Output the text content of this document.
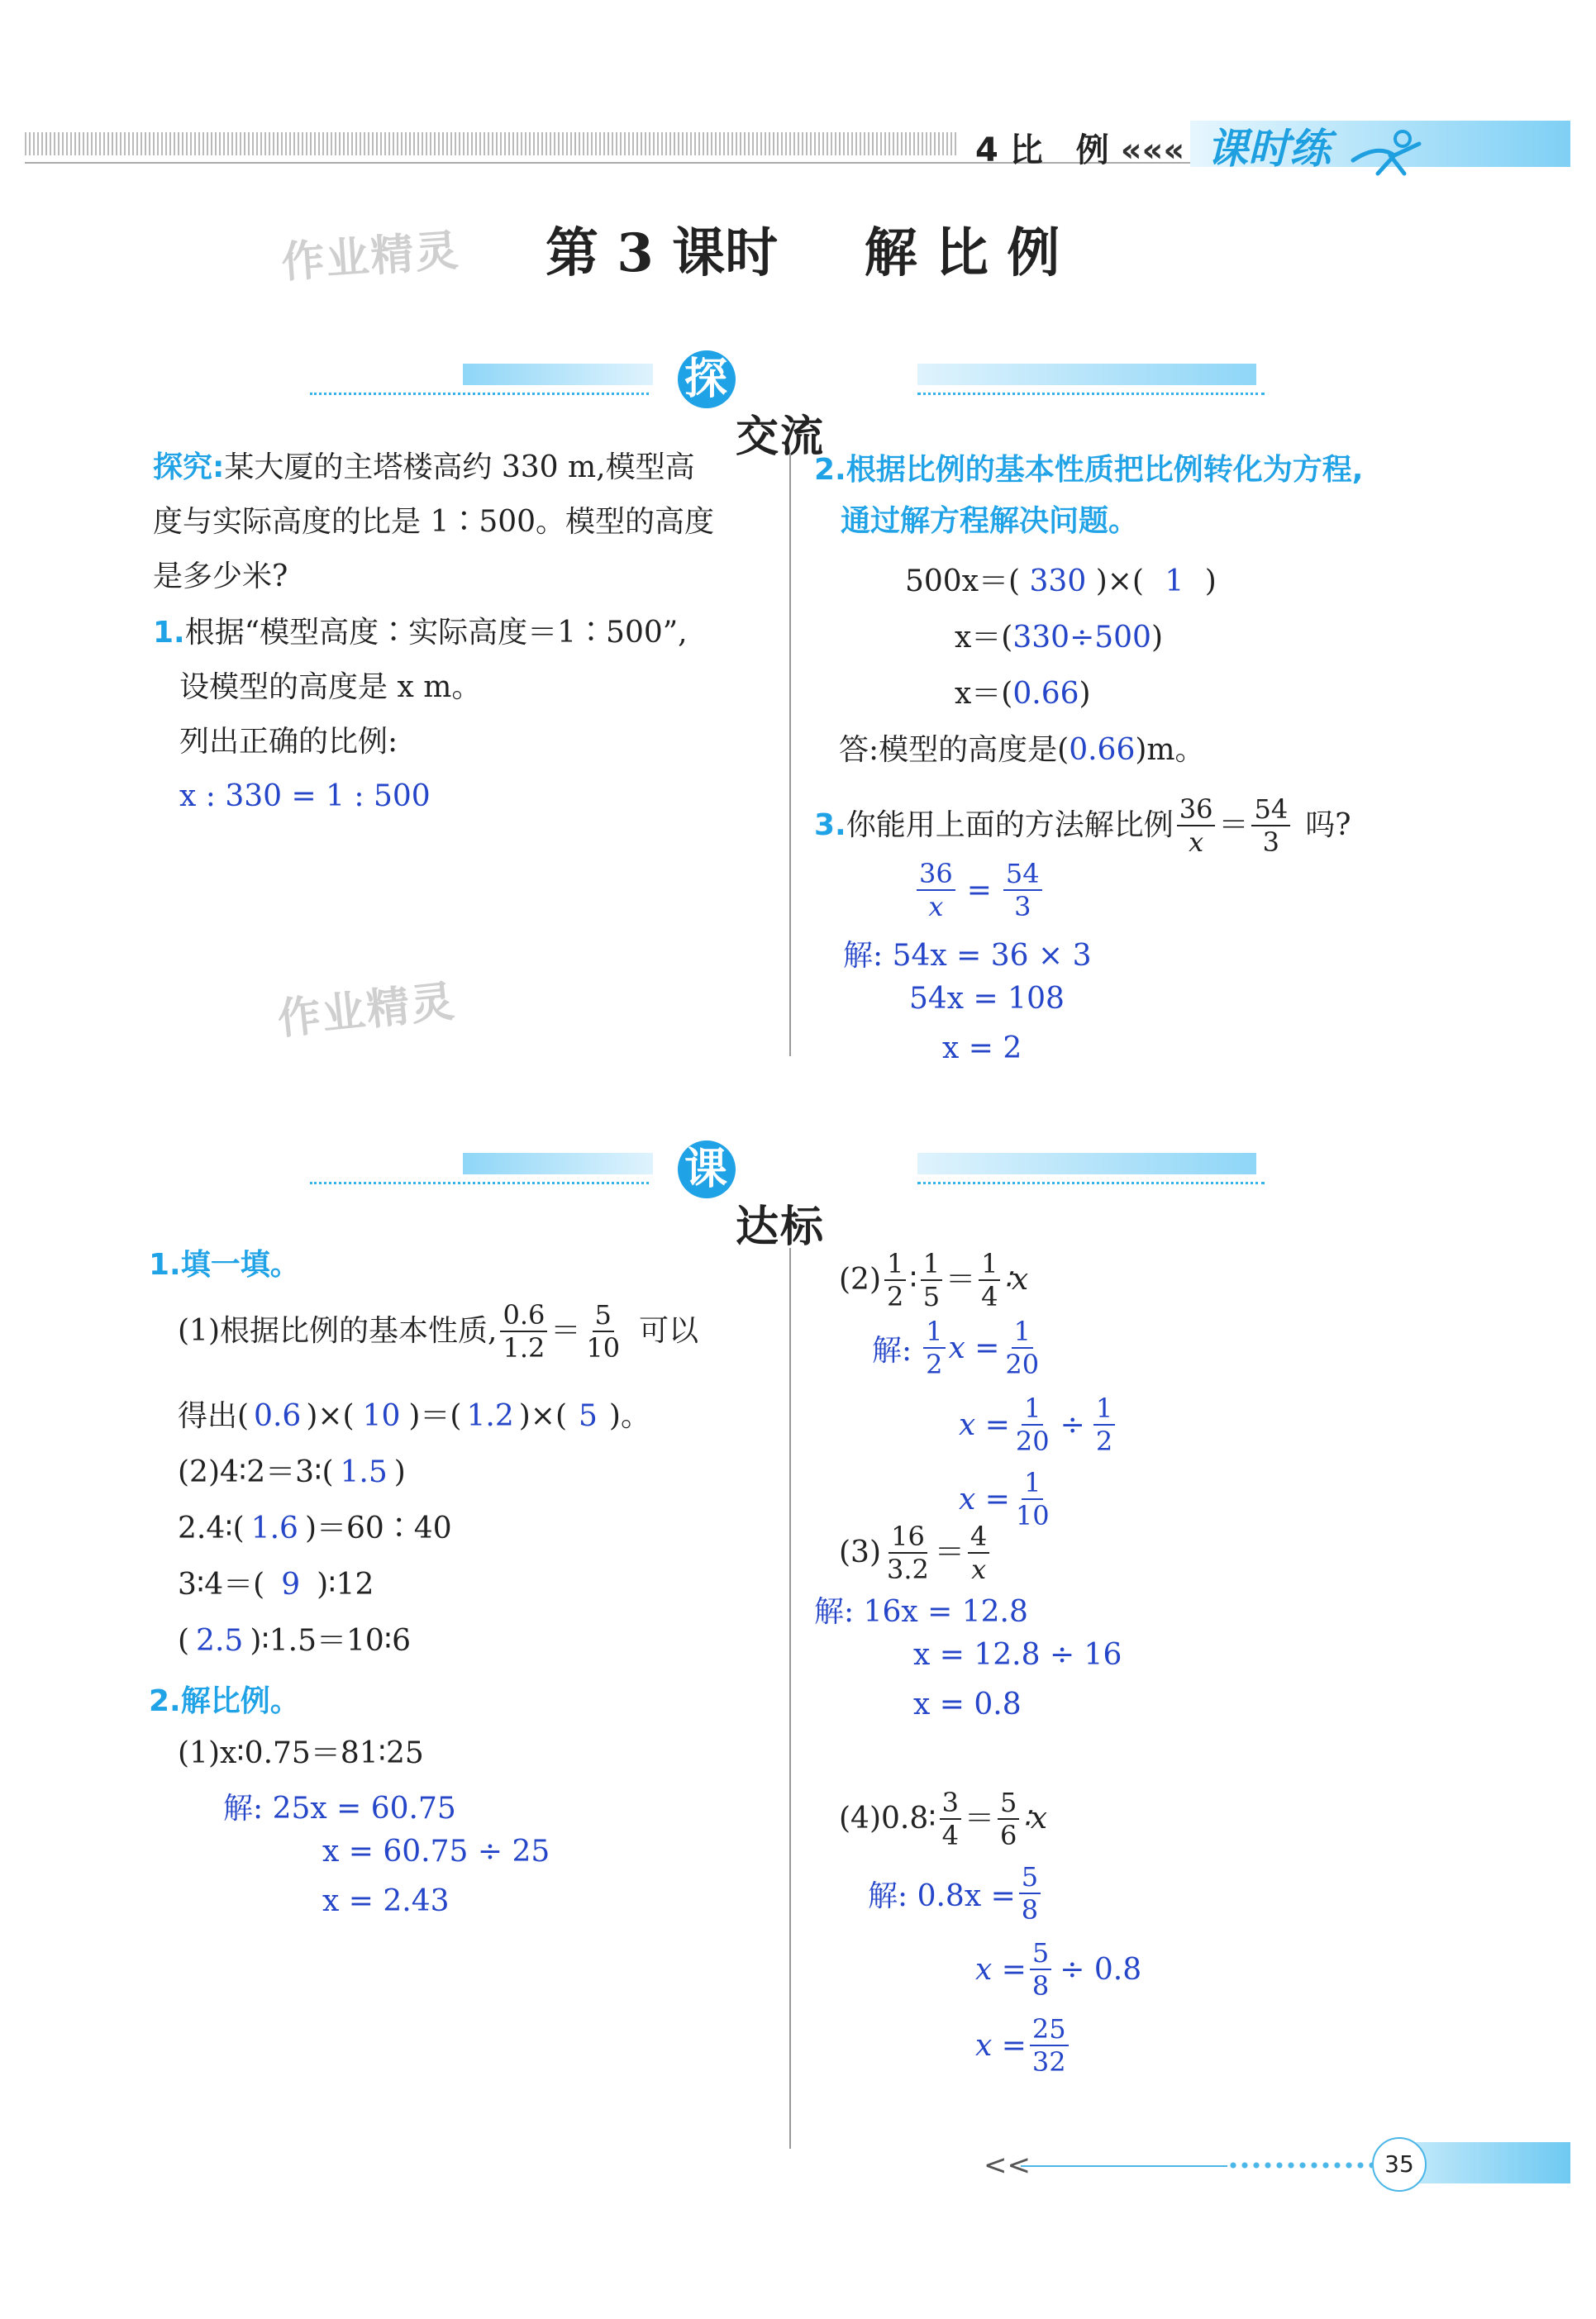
4 比　例 ««« 课时练
作业精灵 第 3 课时 解 比 例
探究 交流
探究:某大厦的主塔楼高约 330 m,模型高
度与实际高度的比是 1∶500。模型的高度
是多少米?
1.根据“模型高度∶实际高度＝1∶500”,
设模型的高度是 x m。
列出正确的比例:
x : 330 = 1 : 500
作业精灵
2.根据比例的基本性质把比例转化为方程,
通过解方程解决问题。
500x＝( 330 )×( 1 )
x＝(330÷500)
x＝(0.66)
答:模型的高度是(0.66)m。
3. 你能用上面的方法解比例 $\frac{36}{x} = \frac{54}{3}$ 吗?
$\frac{36}{x} = \frac{54}{3}$
解: 54x = 36 × 3
54x = 108
x = 2
课堂 达标
1.填一填。
(1)根据比例的基本性质, $\frac{0.6}{1.2} = \frac{5}{10}$ 可以
得出( 0.6 )×( 10 )＝( 1.2 )×( 5 )。
(2)4∶2＝3∶( 1.5 )
2.4∶( 1.6 )＝60∶40
3∶4＝( 9 )∶12
( 2.5 )∶1.5＝10∶6
2.解比例。
(1)x∶0.75＝81∶25
解: 25x = 60.75
x = 60.75 ÷ 25
x = 2.43
$(2) \frac{1}{2}$ ∶ $\frac{1}{5} = \frac{1}{4}$ ∶x
解: $\frac{1}{2}$ $x = \frac{1}{20}$
$x = \frac{1}{20} \div \frac{1}{2}$
$x = \frac{1}{10}$
$(3) \frac{16}{3.2} = \frac{4}{x}$
解: 16x = 12.8
x = 12.8 ÷ 16
x = 0.8
(4)0.8∶ $\frac{3}{4} = \frac{5}{6}$ ∶x
解: $0.8x = \frac{5}{8}$
$x = \frac{5}{8} \div 0.8$
$x = \frac{25}{32}$
<<	35
